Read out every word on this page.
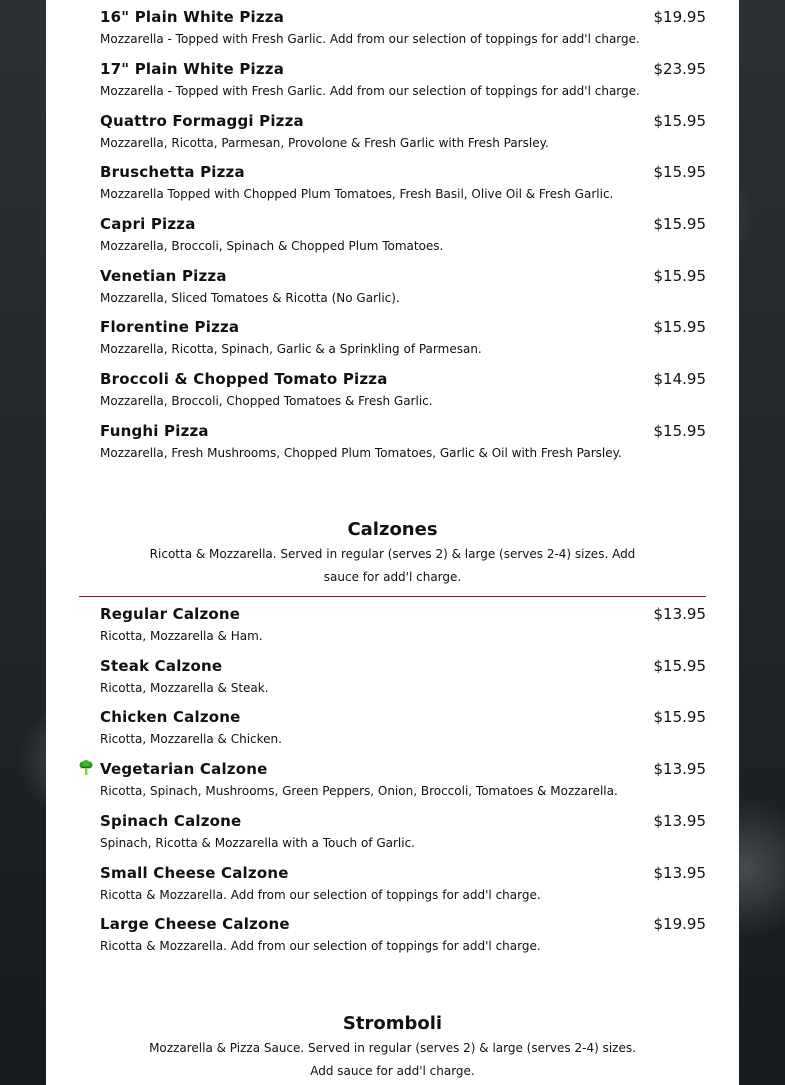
16" Plain White Pizza	$19.95
Mozzarella - Topped with Fresh Garlic. Add from our selection of toppings for add'l charge.
17" Plain White Pizza	$23.95
Mozzarella - Topped with Fresh Garlic. Add from our selection of toppings for add'l charge.
Quattro Formaggi Pizza	$15.95
Mozzarella, Ricotta, Parmesan, Provolone & Fresh Garlic with Fresh Parsley.
Bruschetta Pizza	$15.95
Mozzarella Topped with Chopped Plum Tomatoes, Fresh Basil, Olive Oil & Fresh Garlic.
Capri Pizza	$15.95
Mozzarella, Broccoli, Spinach & Chopped Plum Tomatoes.
Venetian Pizza	$15.95
Mozzarella, Sliced Tomatoes & Ricotta (No Garlic).
Florentine Pizza	$15.95
Mozzarella, Ricotta, Spinach, Garlic & a Sprinkling of Parmesan.
Broccoli & Chopped Tomato Pizza	$14.95
Mozzarella, Broccoli, Chopped Tomatoes & Fresh Garlic.
Funghi Pizza	$15.95
Mozzarella, Fresh Mushrooms, Chopped Plum Tomatoes, Garlic & Oil with Fresh Parsley.
Calzones
Ricotta & Mozzarella. Served in regular (serves 2) & large (serves 2-4) sizes. Add sauce for add'l charge.
Regular Calzone	$13.95
Ricotta, Mozzarella & Ham.
Steak Calzone	$15.95
Ricotta, Mozzarella & Steak.
Chicken Calzone	$15.95
Ricotta, Mozzarella & Chicken.
Vegetarian Calzone	$13.95
Ricotta, Spinach, Mushrooms, Green Peppers, Onion, Broccoli, Tomatoes & Mozzarella.
Spinach Calzone	$13.95
Spinach, Ricotta & Mozzarella with a Touch of Garlic.
Small Cheese Calzone	$13.95
Ricotta & Mozzarella. Add from our selection of toppings for add'l charge.
Large Cheese Calzone	$19.95
Ricotta & Mozzarella. Add from our selection of toppings for add'l charge.
Stromboli
Mozzarella & Pizza Sauce. Served in regular (serves 2) & large (serves 2-4) sizes. Add sauce for add'l charge.
